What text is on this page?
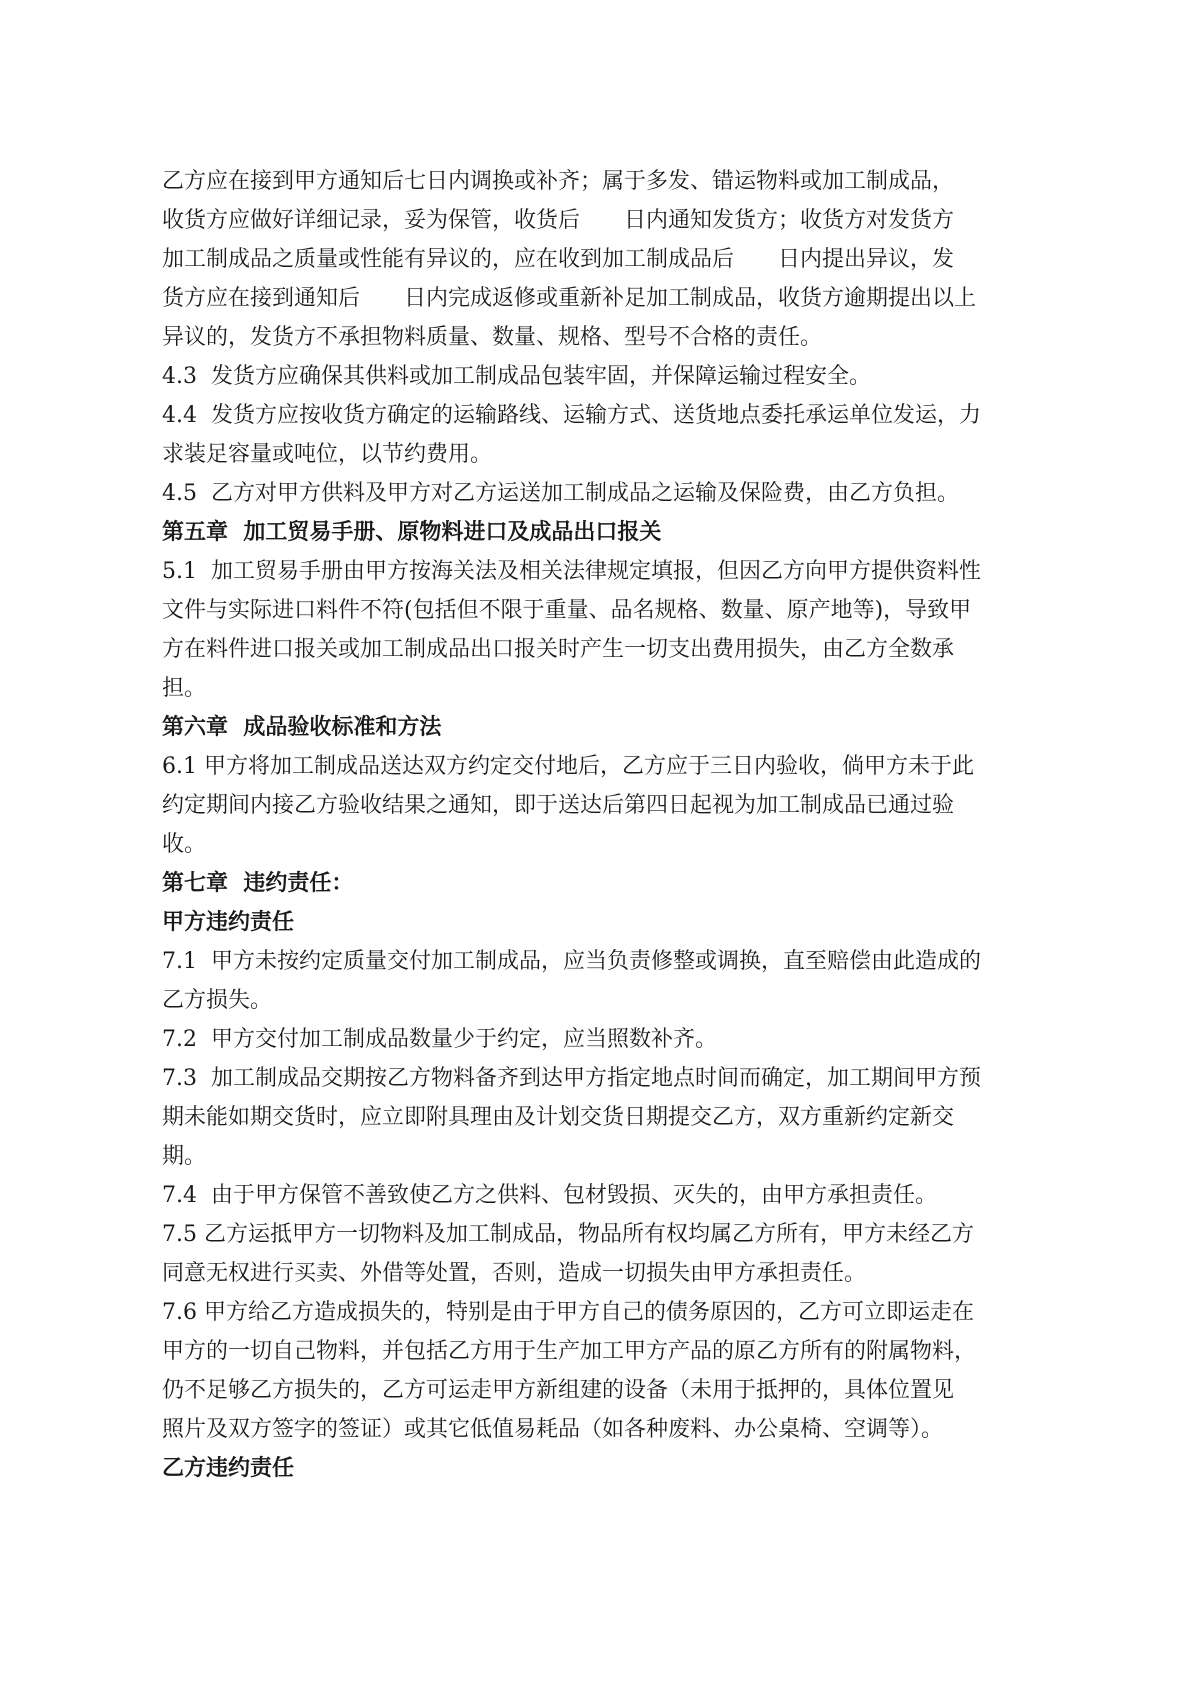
乙方应在接到甲方通知后七日内调换或补齐；属于多发、错运物料或加工制成品，
收货方应做好详细记录，妥为保管，收货后　　日内通知发货方；收货方对发货方
加工制成品之质量或性能有异议的，应在收到加工制成品后　　日内提出异议，发
货方应在接到通知后　　日内完成返修或重新补足加工制成品，收货方逾期提出以上
异议的，发货方不承担物料质量、数量、规格、型号不合格的责任。
4.3  发货方应确保其供料或加工制成品包装牢固，并保障运输过程安全。
4.4  发货方应按收货方确定的运输路线、运输方式、送货地点委托承运单位发运，力
求装足容量或吨位，以节约费用。
4.5  乙方对甲方供料及甲方对乙方运送加工制成品之运输及保险费，由乙方负担。
第五章  加工贸易手册、原物料进口及成品出口报关
5.1  加工贸易手册由甲方按海关法及相关法律规定填报，但因乙方向甲方提供资料性
文件与实际进口料件不符(包括但不限于重量、品名规格、数量、原产地等)，导致甲
方在料件进口报关或加工制成品出口报关时产生一切支出费用损失，由乙方全数承
担。
第六章  成品验收标准和方法
6.1 甲方将加工制成品送达双方约定交付地后，乙方应于三日内验收，倘甲方未于此
约定期间内接乙方验收结果之通知，即于送达后第四日起视为加工制成品已通过验
收。
第七章  违约责任：
甲方违约责任
7.1  甲方未按约定质量交付加工制成品，应当负责修整或调换，直至赔偿由此造成的
乙方损失。
7.2  甲方交付加工制成品数量少于约定，应当照数补齐。
7.3  加工制成品交期按乙方物料备齐到达甲方指定地点时间而确定，加工期间甲方预
期未能如期交货时，应立即附具理由及计划交货日期提交乙方，双方重新约定新交
期。
7.4  由于甲方保管不善致使乙方之供料、包材毁损、灭失的，由甲方承担责任。
7.5 乙方运抵甲方一切物料及加工制成品，物品所有权均属乙方所有，甲方未经乙方
同意无权进行买卖、外借等处置，否则，造成一切损失由甲方承担责任。
7.6 甲方给乙方造成损失的，特别是由于甲方自己的债务原因的，乙方可立即运走在
甲方的一切自己物料，并包括乙方用于生产加工甲方产品的原乙方所有的附属物料，
仍不足够乙方损失的，乙方可运走甲方新组建的设备（未用于抵押的，具体位置见
照片及双方签字的签证）或其它低值易耗品（如各种废料、办公桌椅、空调等）。
乙方违约责任
